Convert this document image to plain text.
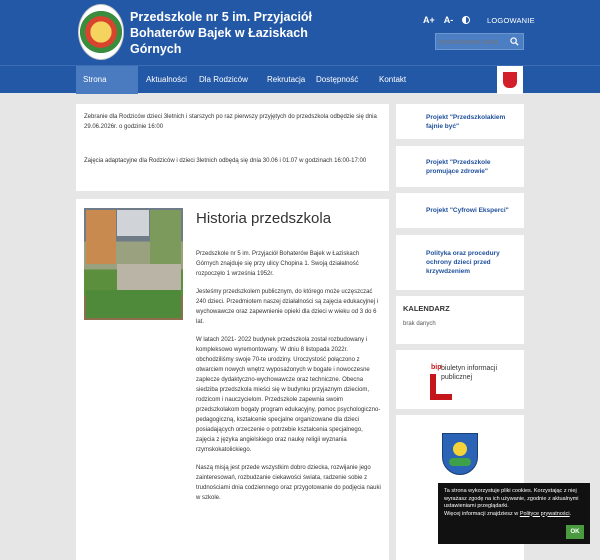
Przedszkole nr 5 im. Przyjaciół Bohaterów Bajek w Łaziskach Górnych
A+ A-	LOGOWANIE
wyszukiwana fraza
Strona	Aktualności	Dla Rodziców	Rekrutacja	Dostępność	Kontakt

Zebranie dla Rodziców dzieci 3letnich i starszych po raz pierwszy przyjętych do przedszkola odbędzie się dnia 29.06.2026r. o godzinie 16:00

Zajęcia adaptacyjne dla Rodziców i dzieci 3letnich odbędą się dnia 30.06 i 01.07 w godzinach 16:00-17:00

Historia przedszkola

Przedszkole nr 5 im. Przyjaciół Bohaterów Bajek w Łaziskach Górnych znajduje się przy ulicy Chopina 1. Swoją działalność rozpoczęło 1 września 1952r.

Jesteśmy przedszkolem publicznym, do którego może uczęszczać 240 dzieci. Przedmiotem naszej działalności są zajęcia edukacyjnej i wychowawcze oraz zapewnienie opieki dla dzieci w wieku od 3 do 6 lat.

W latach 2021- 2022 budynek przedszkola został rozbudowany i kompleksowo wyremontowany. W dniu 8 listopada 2022r. obchodziliśmy swoje 70-te urodziny. Uroczystość połączono z otwarciem nowych wnętrz wyposażonych w bogate i nowoczesne zaplecze dydaktyczno-wychowawcze oraz techniczne. Obecna siedziba przedszkola mieści się w budynku przyjaznym dzieciom, rodzicom i nauczycielom. Przedszkole zapewnia swoim przedszkolakom bogaty program edukacyjny, pomoc psychologiczno-pedagogiczną, kształcenie specjalne organizowane dla dzieci posiadających orzeczenie o potrzebie kształcenia specjalnego, zajęcia z języka angielskiego oraz naukę religii wyznania rzymskokatolickiego.

Naszą misją jest przede wszystkim dobro dziecka, rozwijanie jego zainteresowań, rozbudzanie ciekawości świata, radzenie sobie z trudnościami dnia codziennego oraz przygotowanie do podjęcia nauki w szkole.

Projekt "Przedszkolakiem fajnie być"
Projekt "Przedszkole promujące zdrowie"
Projekt "Cyfrowi Eksperci"
Polityka oraz procedury ochrony dzieci przed krzywdzeniem
KALENDARZ
brak danych
bip biuletyn informacji publicznej
Ta strona wykorzystuje pliki cookies. Korzystając z niej wyrażasz zgodę na ich używanie, zgodnie z aktualnymi ustawieniami przeglądarki.
Więcej informacji znajdziesz w Polityce prywatności.
OK
